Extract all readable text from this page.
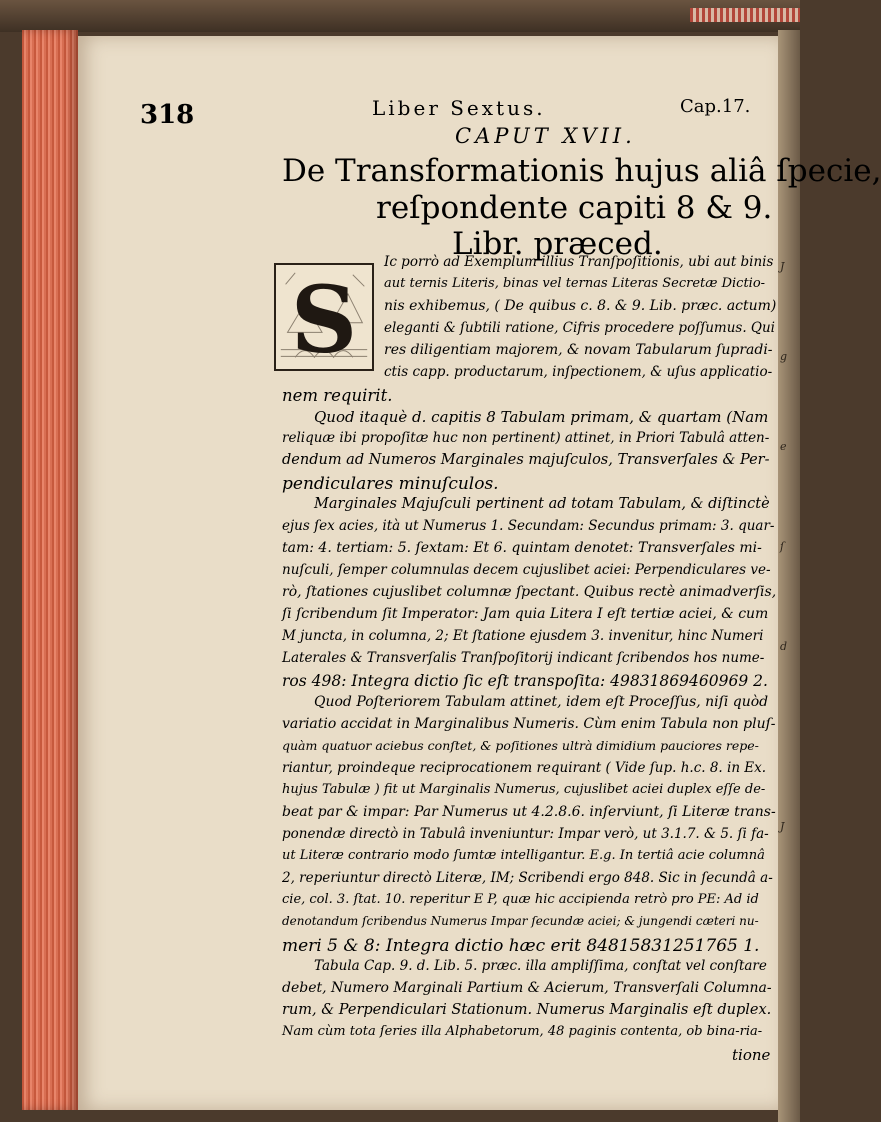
318	Liber Sextus.	Cap.17.
CAPUT XVII.
De Transformationis hujus aliâ ſpecie,
reſpondente capiti 8 & 9.
Libr. præced.
S
Ic porrò ad Exemplum illius Tranſpoſitionis, ubi aut binis
aut ternis Literis, binas vel ternas Literas Secretæ Dictio-
nis exhibemus, ( De quibus c. 8. & 9. Lib. præc. actum)
eleganti & ſubtili ratione, Cifris procedere poſſumus. Qui
res diligentiam majorem, & novam Tabularum ſupradi-
ctis capp. productarum, inſpectionem, & uſus applicatio-
nem requirit.
Quod itaquè d. capitis 8 Tabulam primam, & quartam (Nam
reliquæ ibi propoſitæ huc non pertinent) attinet, in Priori Tabulâ atten-
dendum ad Numeros Marginales majuſculos, Transverſales & Per-
pendiculares minuſculos.
Marginales Majuſculi pertinent ad totam Tabulam, & diſtinctè
ejus ſex acies, ità ut Numerus 1. Secundam: Secundus primam: 3. quar-
tam: 4. tertiam: 5. ſextam: Et 6. quintam denotet: Transverſales mi-
nuſculi, ſemper columnulas decem cujuslibet aciei: Perpendiculares ve-
rò, ſtationes cujuslibet columnæ ſpectant. Quibus rectè animadverſis,
ſi ſcribendum ſit Imperator: Jam quia Litera I eſt tertiæ aciei, & cum
M juncta, in columna, 2; Et ſtatione ejusdem 3. invenitur, hinc Numeri
Laterales & Transverſalis Tranſpoſitorij indicant ſcribendos hos nume-
ros 498: Integra dictio ſic eſt transpoſita: 49831869460969 2.
Quod Poſteriorem Tabulam attinet, idem eſt Proceſſus, niſi quòd
variatio accidat in Marginalibus Numeris. Cùm enim Tabula non pluſ-
quàm quatuor aciebus conſtet, & poſitiones ultrà dimidium pauciores repe-
riantur, proindeque reciprocationem requirant ( Vide ſup. h.c. 8. in Ex.
hujus Tabulæ ) fit ut Marginalis Numerus, cujuslibet aciei duplex eſſe de-
beat par & impar: Par Numerus ut 4.2.8.6. inſerviunt, ſi Literæ trans-
ponendæ directò in Tabulâ inveniuntur: Impar verò, ut 3.1.7. & 5. ſi fa-
ut Literæ contrario modo ſumtæ intelligantur. E.g. In tertiâ acie columnâ
2, reperiuntur directò Literæ, IM; Scribendi ergo 848. Sic in ſecundâ a-
cie, col. 3. ſtat. 10. reperitur E P, quæ hic accipienda retrò pro PE: Ad id
denotandum ſcribendus Numerus Impar ſecundæ aciei; & jungendi cæteri nu-
meri 5 & 8: Integra dictio hæc erit 84815831251765 1.
Tabula Cap. 9. d. Lib. 5. præc. illa ampliſſima, conſtat vel conſtare
debet, Numero Marginali Partium & Acierum, Transverſali Columna-
rum, & Perpendiculari Stationum. Numerus Marginalis eſt duplex.
Nam cùm tota ſeries illa Alphabetorum, 48 paginis contenta, ob bina-ria-
tione
J
g
e
ſ
d
J
